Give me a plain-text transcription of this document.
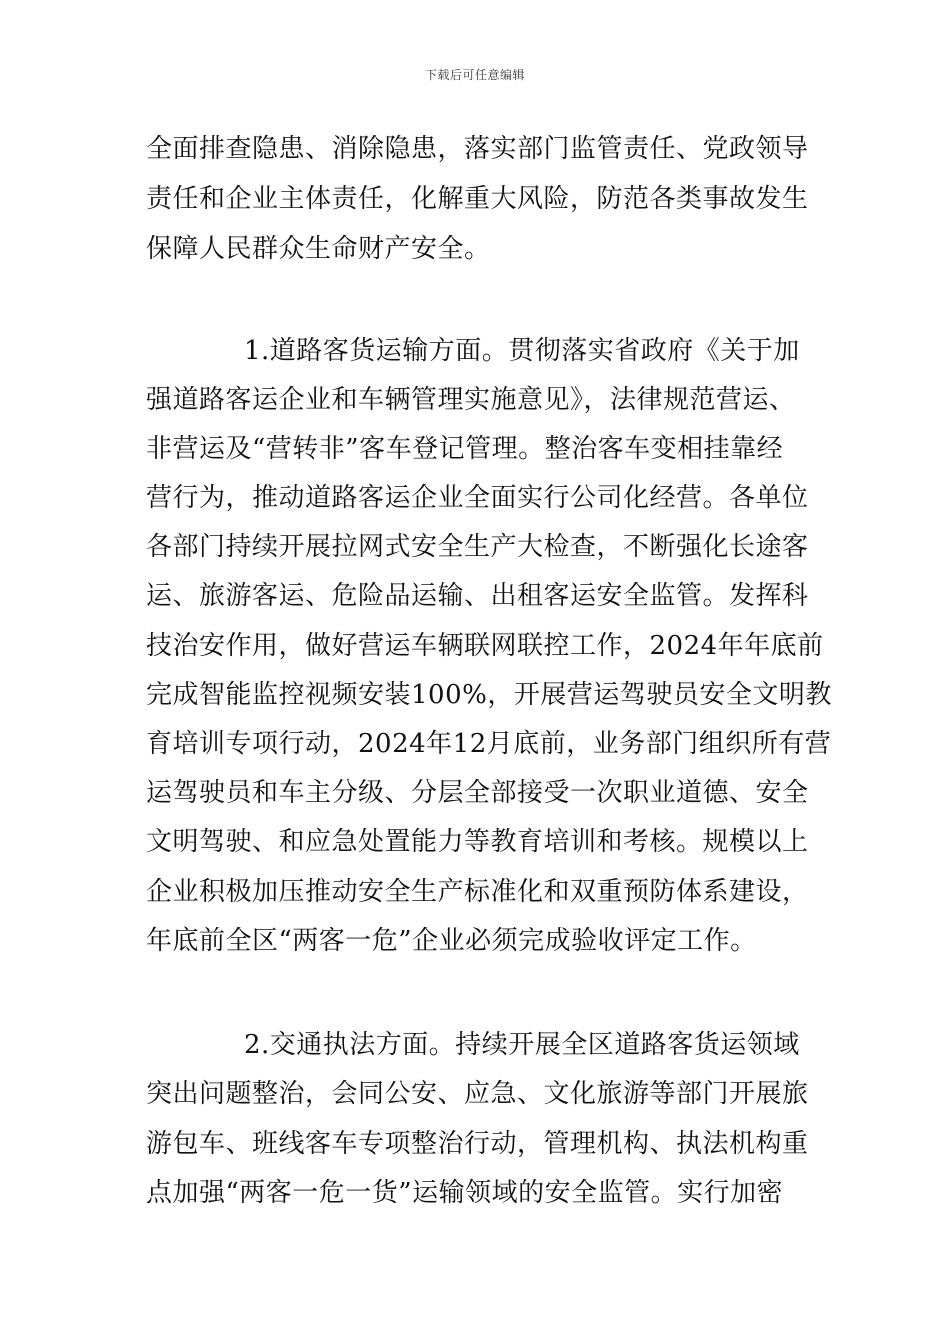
下载后可任意编辑
全面排查隐患、消除隐患，落实部门监管责任、党政领导
责任和企业主体责任，化解重大风险，防范各类事故发生
保障人民群众生命财产安全。
1.道路客货运输方面。贯彻落实省政府《关于加
强道路客运企业和车辆管理实施意见》，法律规范营运、
非营运及“营转非”客车登记管理。整治客车变相挂靠经
营行为，推动道路客运企业全面实行公司化经营。各单位
各部门持续开展拉网式安全生产大检查，不断强化长途客
运、旅游客运、危险品运输、出租客运安全监管。发挥科
技治安作用，做好营运车辆联网联控工作，2024年年底前
完成智能监控视频安装100%，开展营运驾驶员安全文明教
育培训专项行动，2024年12月底前，业务部门组织所有营
运驾驶员和车主分级、分层全部接受一次职业道德、安全
文明驾驶、和应急处置能力等教育培训和考核。规模以上
企业积极加压推动安全生产标准化和双重预防体系建设，
年底前全区“两客一危”企业必须完成验收评定工作。
2.交通执法方面。持续开展全区道路客货运领域
突出问题整治，会同公安、应急、文化旅游等部门开展旅
游包车、班线客车专项整治行动，管理机构、执法机构重
点加强“两客一危一货”运输领域的安全监管。实行加密
